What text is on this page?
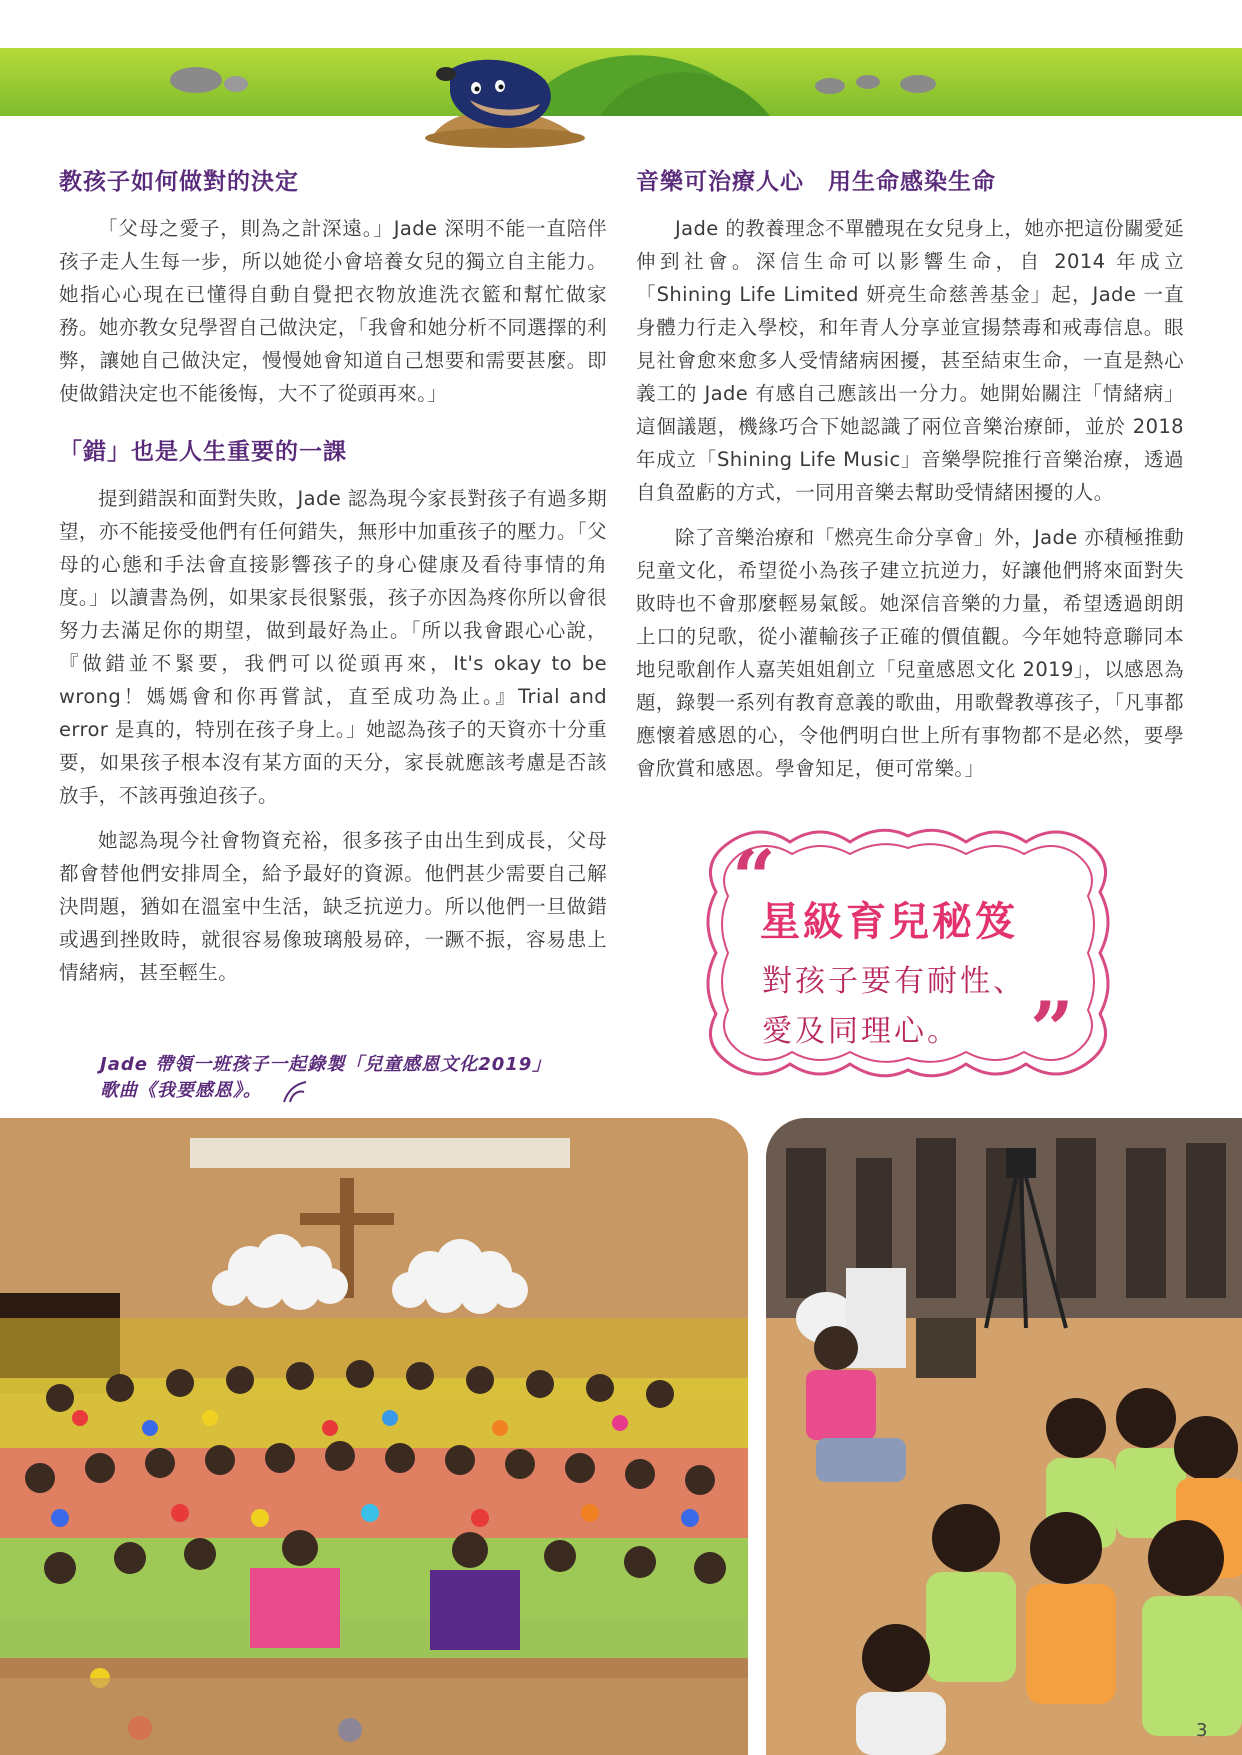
教孩子如何做對的決定

「父母之愛子，則為之計深遠。」Jade 深明不能一直陪伴孩子走人生每一步，所以她從小會培養女兒的獨立自主能力。她指心心現在已懂得自動自覺把衣物放進洗衣籃和幫忙做家務。她亦教女兒學習自己做決定，「我會和她分析不同選擇的利弊，讓她自己做決定，慢慢她會知道自己想要和需要甚麼。即使做錯決定也不能後悔，大不了從頭再來。」

「錯」也是人生重要的一課

提到錯誤和面對失敗，Jade 認為現今家長對孩子有過多期望，亦不能接受他們有任何錯失，無形中加重孩子的壓力。「父母的心態和手法會直接影響孩子的身心健康及看待事情的角度。」以讀書為例，如果家長很緊張，孩子亦因為疼你所以會很努力去滿足你的期望，做到最好為止。「所以我會跟心心說，『做錯並不緊要，我們可以從頭再來，It's okay to be wrong！媽媽會和你再嘗試，直至成功為止。』Trial and error 是真的，特別在孩子身上。」她認為孩子的天資亦十分重要，如果孩子根本沒有某方面的天分，家長就應該考慮是否該放手，不該再強迫孩子。

她認為現今社會物資充裕，很多孩子由出生到成長，父母都會替他們安排周全，給予最好的資源。他們甚少需要自己解決問題，猶如在溫室中生活，缺乏抗逆力。所以他們一旦做錯或遇到挫敗時，就很容易像玻璃般易碎，一蹶不振，容易患上情緒病，甚至輕生。

音樂可治療人心　用生命感染生命

Jade 的教養理念不單體現在女兒身上，她亦把這份關愛延伸到社會。深信生命可以影響生命，自 2014 年成立「Shining Life Limited 妍亮生命慈善基金」起，Jade 一直身體力行走入學校，和年青人分享並宣揚禁毒和戒毒信息。眼見社會愈來愈多人受情緒病困擾，甚至結束生命，一直是熱心義工的 Jade 有感自己應該出一分力。她開始關注「情緒病」這個議題，機緣巧合下她認識了兩位音樂治療師，並於 2018年成立「Shining Life Music」音樂學院推行音樂治療，透過自負盈虧的方式，一同用音樂去幫助受情緒困擾的人。

除了音樂治療和「燃亮生命分享會」外，Jade 亦積極推動兒童文化，希望從小為孩子建立抗逆力，好讓他們將來面對失敗時也不會那麼輕易氣餒。她深信音樂的力量，希望透過朗朗上口的兒歌，從小灌輸孩子正確的價值觀。今年她特意聯同本地兒歌創作人嘉芙姐姐創立「兒童感恩文化 2019」，以感恩為題，錄製一系列有教育意義的歌曲，用歌聲教導孩子，「凡事都應懷着感恩的心，令他們明白世上所有事物都不是必然，要學會欣賞和感恩。學會知足，便可常樂。」

“
星級育兒秘笈
對孩子要有耐性、
愛及同理心。 ”
Jade 帶領一班孩子一起錄製「兒童感恩文化2019」
歌曲《我要感恩》。
3
